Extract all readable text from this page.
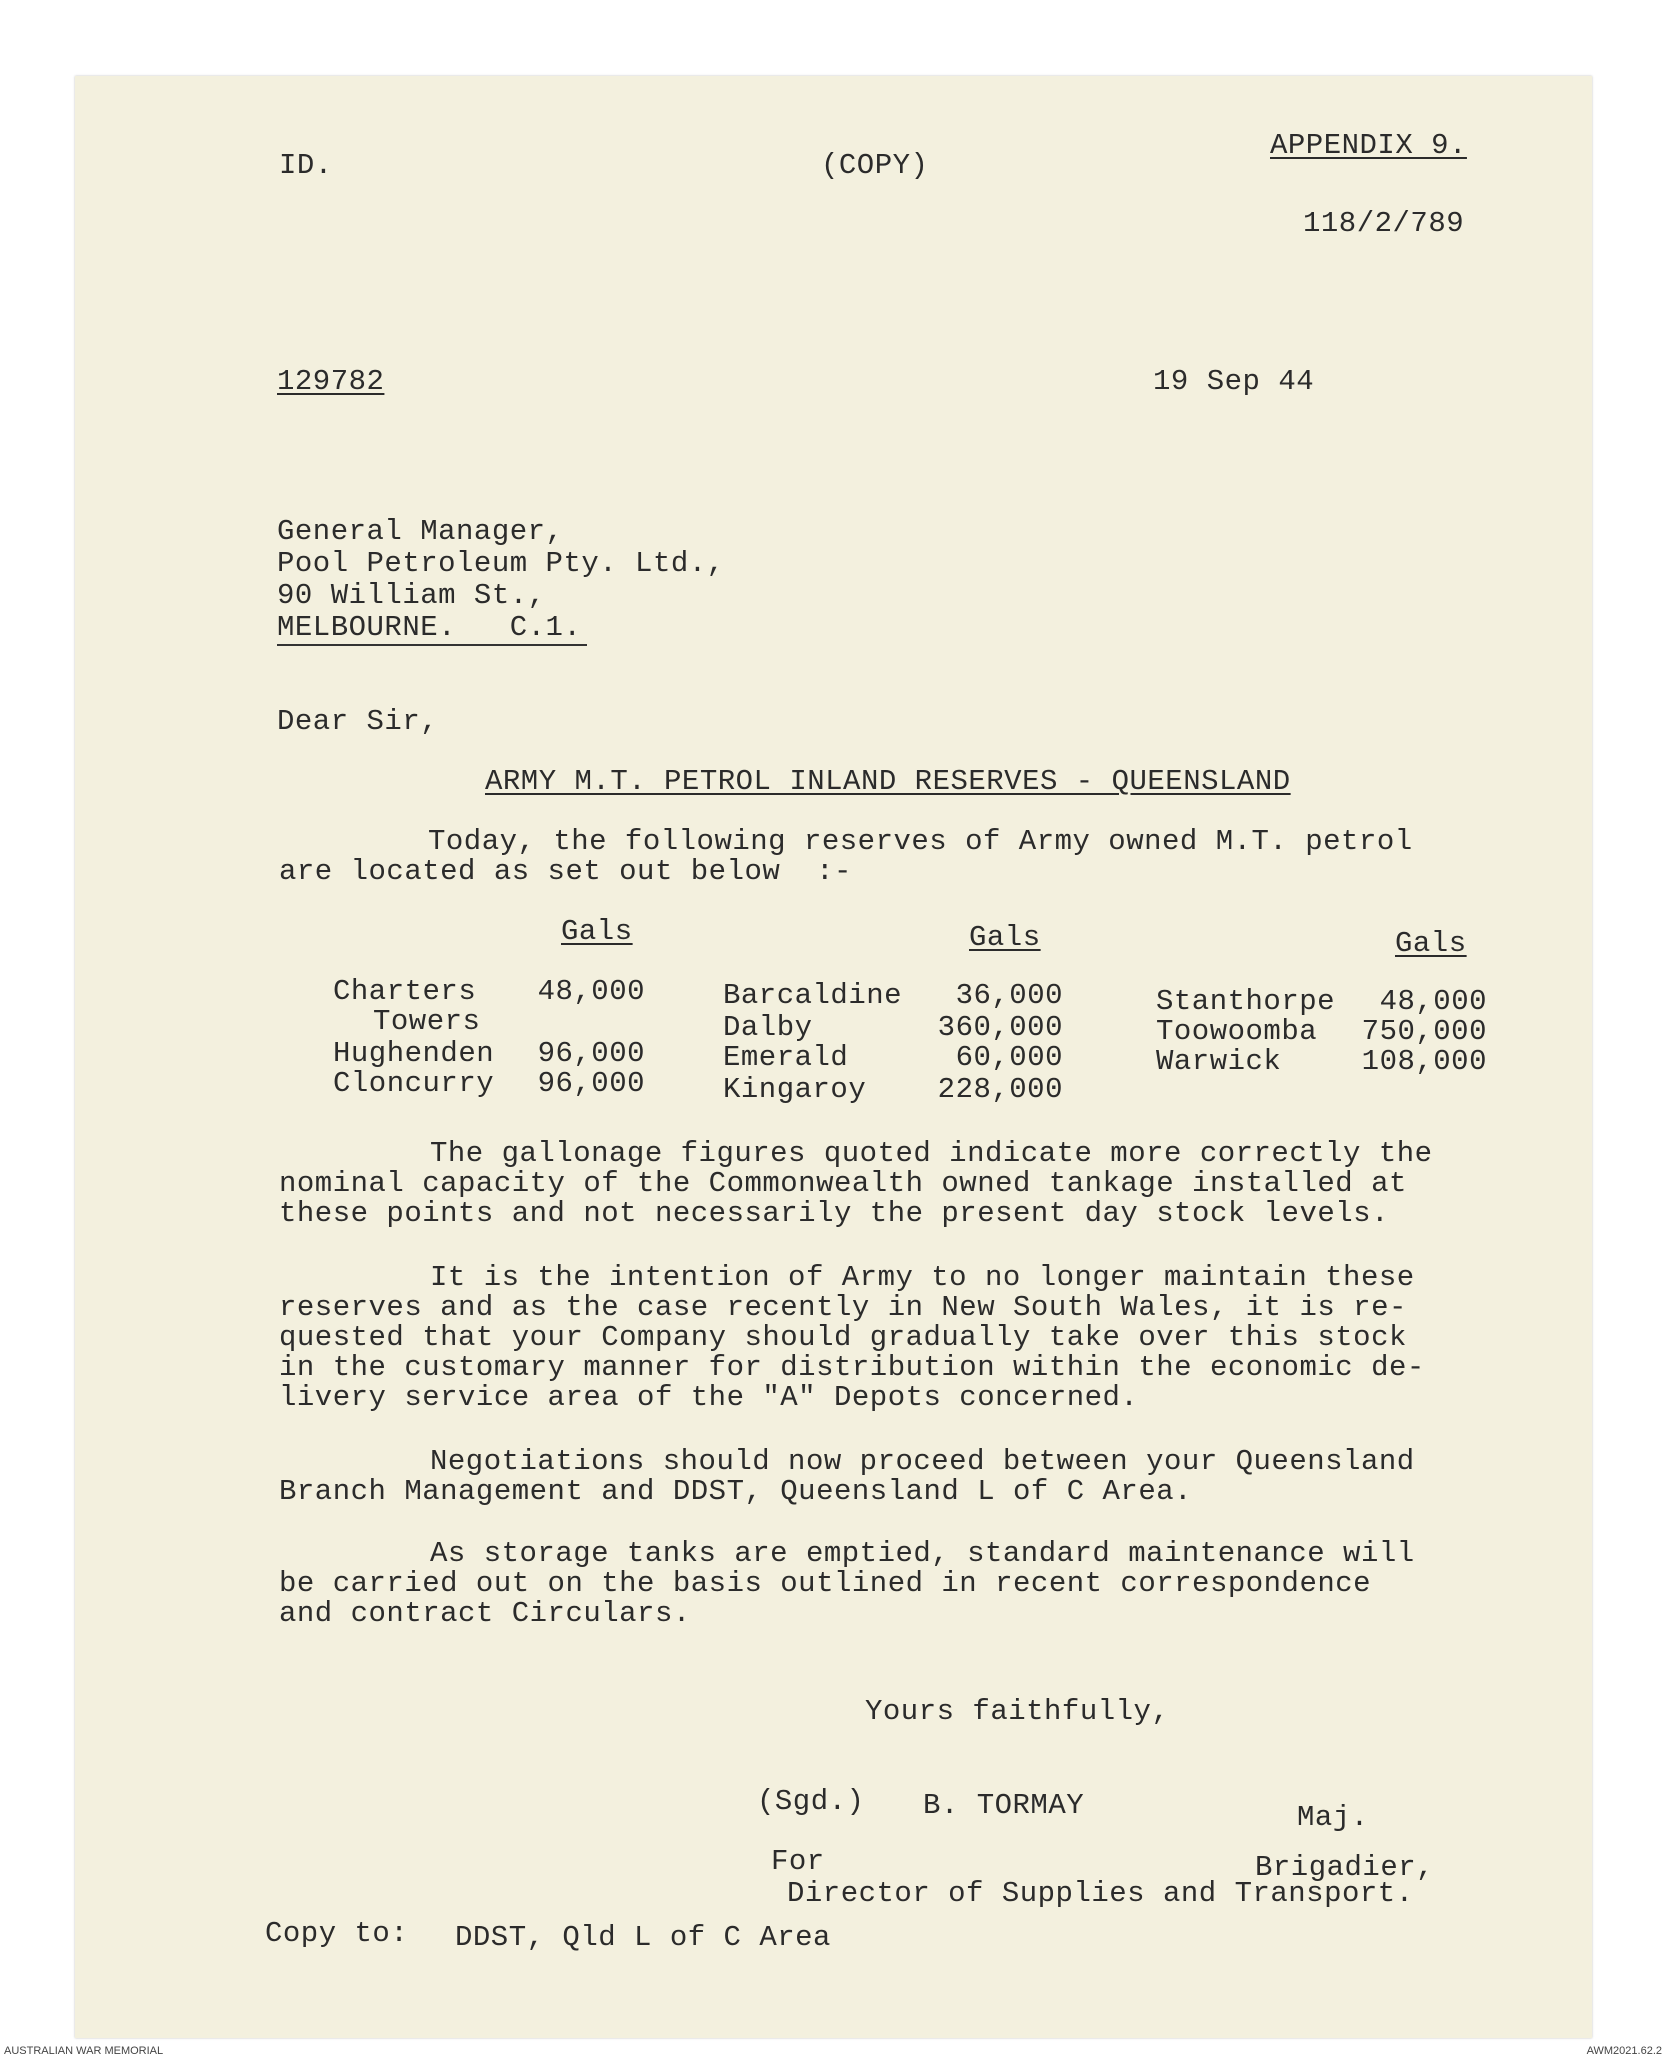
ID.	(COPY)
APPENDIX 9.
118/2/789
129782	19 Sep 44
General Manager,
Pool Petroleum Pty. Ltd.,
90 William St.,
MELBOURNE. C.1.
Dear Sir,
ARMY M.T. PETROL INLAND RESERVES - QUEENSLAND
Today, the following reserves of Army owned M.T. petrol
are located as set out below  :-
Gals	Gals	Gals
Charters	48,000
Towers
Hughenden	96,000
Cloncurry	96,000
Barcaldine	36,000
Dalby	360,000
Emerald	60,000
Kingaroy	228,000
Stanthorpe	48,000
Toowoomba	750,000
Warwick	108,000
The gallonage figures quoted indicate more correctly the
nominal capacity of the Commonwealth owned tankage installed at
these points and not necessarily the present day stock levels.
It is the intention of Army to no longer maintain these
reserves and as the case recently in New South Wales, it is re-
quested that your Company should gradually take over this stock
in the customary manner for distribution within the economic de-
livery service area of the "A" Depots concerned.
Negotiations should now proceed between your Queensland
Branch Management and DDST, Queensland L of C Area.
As storage tanks are emptied, standard maintenance will
be carried out on the basis outlined in recent correspondence
and contract Circulars.
Yours faithfully,
(Sgd.) B. TORMAY	Maj.
For	Brigadier,
Director of Supplies and Transport.
Copy to: DDST, Qld L of C Area
AUSTRALIAN WAR MEMORIAL	AWM2021.62.2
